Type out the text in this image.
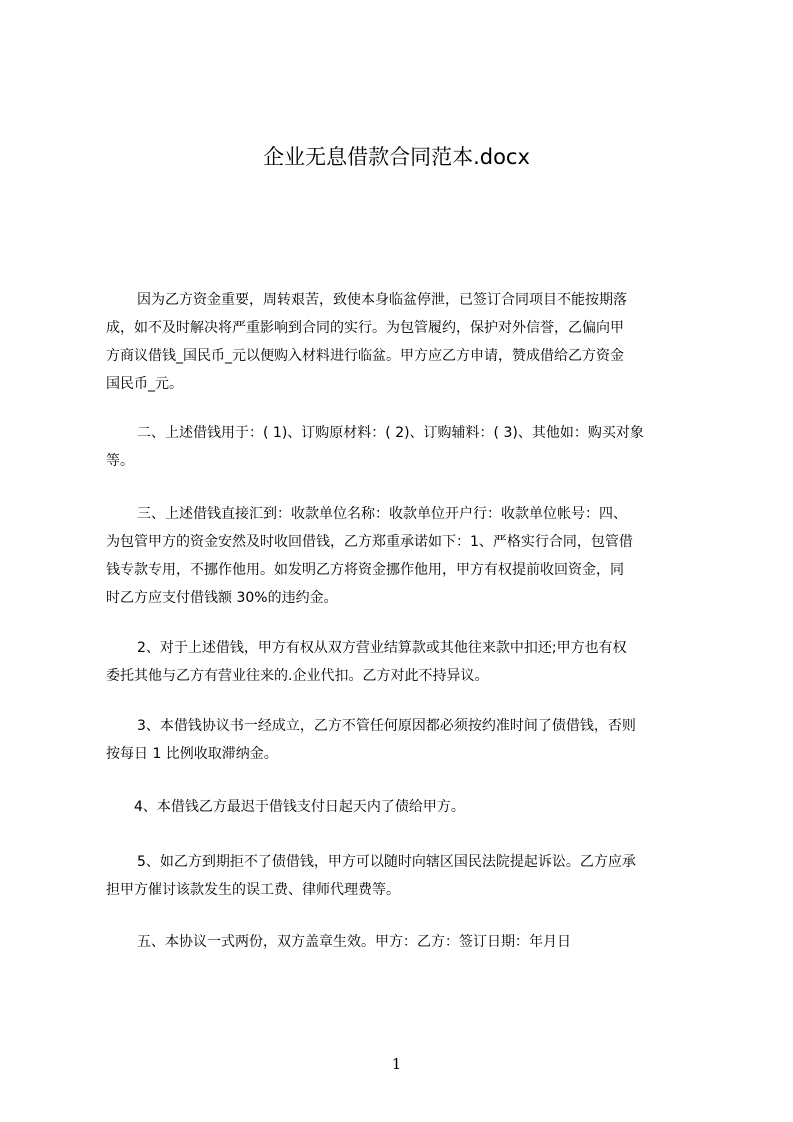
企业无息借款合同范本.docx
因为乙方资金重要，周转艰苦，致使本身临盆停泄，已签订合同项目不能按期落
成，如不及时解决将严重影响到合同的实行。为包管履约，保护对外信誉，乙偏向甲
方商议借钱_国民币_元以便购入材料进行临盆。甲方应乙方申请，赞成借给乙方资金
国民币_元。
二、上述借钱用于：( 1)、订购原材料：( 2)、订购辅料：( 3)、其他如：购买对象
等。
三、上述借钱直接汇到：收款单位名称：收款单位开户行：收款单位帐号：四、
为包管甲方的资金安然及时收回借钱，乙方郑重承诺如下：1、严格实行合同，包管借
钱专款专用，不挪作他用。如发明乙方将资金挪作他用，甲方有权提前收回资金，同
时乙方应支付借钱额 30%的违约金。
2、对于上述借钱，甲方有权从双方营业结算款或其他往来款中扣还;甲方也有权
委托其他与乙方有营业往来的.企业代扣。乙方对此不持异议。
3、本借钱协议书一经成立，乙方不管任何原因都必须按约准时间了债借钱，否则
按每日 1 比例收取滞纳金。
4、本借钱乙方最迟于借钱支付日起天内了债给甲方。
5、如乙方到期拒不了债借钱，甲方可以随时向辖区国民法院提起诉讼。乙方应承
担甲方催讨该款发生的误工费、律师代理费等。
五、本协议一式两份，双方盖章生效。甲方：乙方：签订日期：年月日
1
